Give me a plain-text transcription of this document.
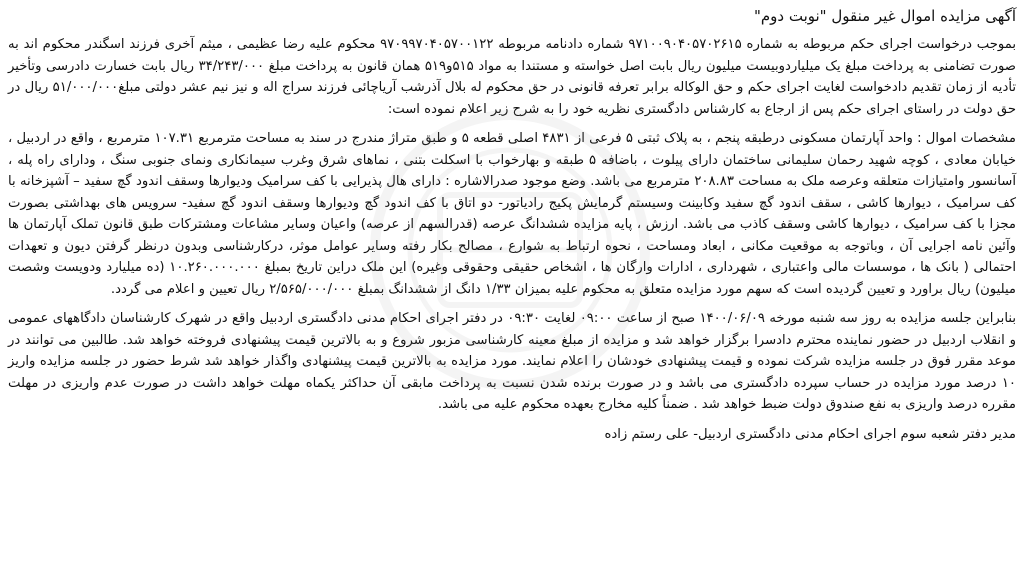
آگهی مزایده اموال غیر منقول "نوبت دوم"

بموجب درخواست اجرای حکم مربوطه به شماره ۹۷۱۰۰۹۰۴۰۵۷۰۲۶۱۵ شماره دادنامه مربوطه ۹۷۰۹۹۷۰۴۰۵۷۰۰۱۲۲ محکوم علیه رضا عظیمی ، میثم آخری فرزند اسگندر محکوم اند به صورت تضامنی به پرداخت مبلغ یک میلیاردوبیست میلیون ریال بابت اصل خواسته و مستندا به مواد ۵۱۵و۵۱۹ همان قانون به پرداخت مبلغ ۳۴/۲۴۳/۰۰۰ ریال بابت خسارت دادرسی وتأخیر تأدیه از زمان تقدیم دادخواست لغایت اجرای حکم و حق الوکاله برابر تعرفه قانونی در حق محکوم له بلال آذرشب آریاچائی فرزند سراج اله و نیز نیم عشر دولتی مبلغ۵۱/۰۰۰/۰۰۰ ریال در حق دولت در راستای اجرای حکم پس از ارجاع به کارشناس دادگستری نظریه خود را به شرح زیر اعلام نموده است:

مشخصات اموال : واحد آپارتمان مسکونی درطبقه پنجم ، به پلاک ثبتی ۵ فرعی از ۴۸۳۱ اصلی قطعه ۵ و طبق متراژ مندرج در سند به مساحت مترمربع ۱۰۷.۳۱ مترمربع ، واقع در اردبیل ، خیابان معادی ، کوچه شهید رحمان سلیمانی ساختمان دارای پیلوت ، باضافه ۵ طبقه و بهارخواب با اسکلت بتنی ، نماهای شرق وغرب سیمانکاری ونمای جنوبی سنگ ، ودارای راه پله ، آسانسور وامتیازات متعلقه وعرصه ملک به مساحت ۲۰۸.۸۳ مترمربع می باشد. وضع موجود صدرالاشاره : دارای هال پذیرایی با کف سرامیک ودیوارها وسقف اندود گچ سفید – آشپزخانه با کف سرامیک ، دیوارها کاشی ، سقف اندود گچ سفید وکابینت وسیستم گرمایش پکیج رادیاتور- دو اتاق با کف اندود گچ ودیوارها وسقف اندود گچ سفید- سرویس های بهداشتی بصورت مجزا با کف سرامیک ، دیوارها کاشی وسقف کاذب می باشد. ارزش ، پایه مزایده ششدانگ عرصه (قدرالسهم از عرصه) واعیان وسایر مشاعات ومشترکات طبق قانون تملک آپارتمان ها وآئین نامه اجرایی آن ، وباتوجه به موقعیت مکانی ، ابعاد ومساحت ، نحوه ارتباط به شوارع ، مصالح بکار رفته وسایر عوامل موثر، درکارشناسی وبدون درنظر گرفتن دیون و تعهدات احتمالی ( بانک ها ، موسسات مالی واعتباری ، شهرداری ، ادارات وارگان ها ، اشخاص حقیقی وحقوقی وغیره) این ملک دراین تاریخ بمبلغ ۱۰.۲۶۰.۰۰۰.۰۰۰ (ده میلیارد ودویست وشصت میلیون) ریال براورد و تعیین گردیده است که سهم مورد مزایده متعلق به محکوم علیه بمیزان ۱/۳۳ دانگ از ششدانگ بمبلغ ۲/۵۶۵/۰۰۰/۰۰۰ ریال تعیین و اعلام می گردد.

بنابراین جلسه مزایده به روز سه شنبه مورخه ۱۴۰۰/۰۶/۰۹ صبح از ساعت ۰۹:۰۰ لغایت ۰۹:۳۰ در دفتر اجرای احکام مدنی دادگستری اردبیل واقع در شهرک کارشناسان دادگاههای عمومی و انقلاب اردبیل در حضور نماینده محترم دادسرا برگزار خواهد شد و مزایده از مبلغ معینه کارشناسی مزبور شروع و به بالاترین قیمت پیشنهادی فروخته خواهد شد. طالبین می توانند در موعد مقرر فوق در جلسه مزایده شرکت نموده و قیمت پیشنهادی خودشان را اعلام نمایند. مورد مزایده به بالاترین قیمت پیشنهادی واگذار خواهد شد شرط حضور در جلسه مزایده واریز ۱۰ درصد مورد مزایده در حساب سپرده دادگستری می باشد و در صورت برنده شدن نسبت به پرداخت مابقی آن حداکثر یکماه مهلت خواهد داشت در صورت عدم واریزی در مهلت مقرره درصد واریزی به نفع صندوق دولت ضبط خواهد شد . ضمناً کلیه مخارج بعهده محکوم علیه می باشد.

مدیر دفتر شعبه سوم اجرای احکام مدنی دادگستری اردبیل- علی رستم زاده
